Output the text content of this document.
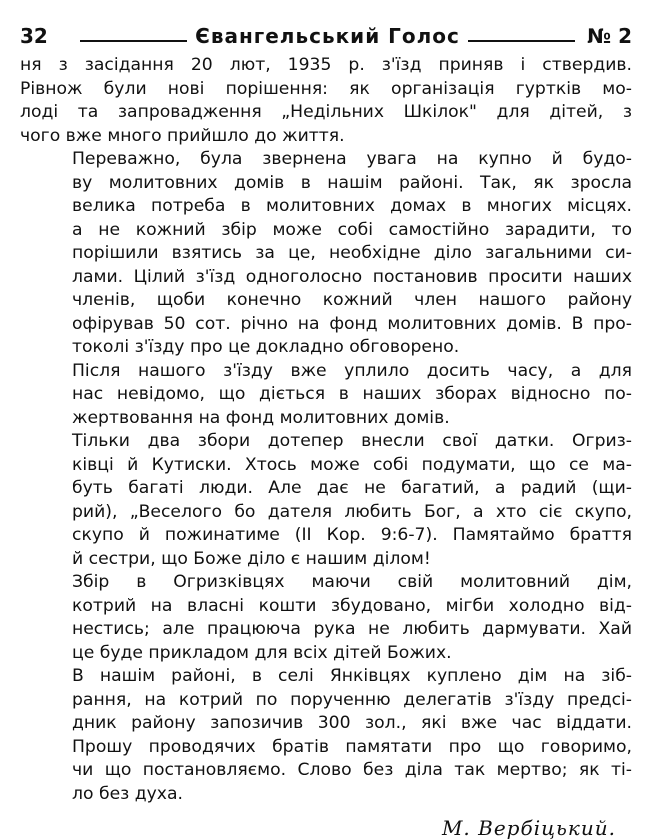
32	Євангельський Голос	№ 2

ня з засідання 20 лют, 1935 р. з'їзд приняв і ствердив.
Рівнож були нові порішення: як організація гуртків мо-
лоді та запровадження „Недільних Шкілок" для дітей, з
чого вже много прийшло до життя.

Переважно, була звернена увага на купно й будо-
ву молитовних домів в нашім районі. Так, як зросла
велика потреба в молитовних домах в многих місцях.
а не кожний збір може собі самостійно зарадити, то
порішили взятись за це, необхідне діло загальними си-
лами. Цілий з'їзд одноголосно постановив просити наших
членів, щоби конечно кожний член нашого району
офірував 50 сот. річно на фонд молитовних домів. В про-
токолі з'їзду про це докладно обговорено.

Після нашого з'їзду вже уплило досить часу, а для
нас невідомо, що діється в наших зборах відносно по-
жертвовання на фонд молитовних домів.

Тільки два збори дотепер внесли свої датки. Огриз-
ківці й Кутиски. Хтось може собі подумати, що се ма-
буть багаті люди. Але дає не багатий, а радий (щи-
рий), „Веселого бо дателя любить Бог, а хто сіє скупо,
скупо й пожинатиме (II Кор. 9:6-7). Памятаймо браття
й сестри, що Боже діло є нашим ділом!

Збір в Огризківцях маючи свій молитовний дім,
котрий на власні кошти збудовано, мігби холодно від-
нестись; але працююча рука не любить дармувати. Хай
це буде прикладом для всіх дітей Божих.

В нашім районі, в селі Янківцях куплено дім на зіб-
рання, на котрий по порученню делегатів з'їзду предсі-
дник району запозичив 300 зол., які вже час віддати.
Прошу проводячих братів памятати про що говоримо,
чи що постановляємо. Слово без діла так мертво; як ті-
ло без духа.

М. Вербіцький.
